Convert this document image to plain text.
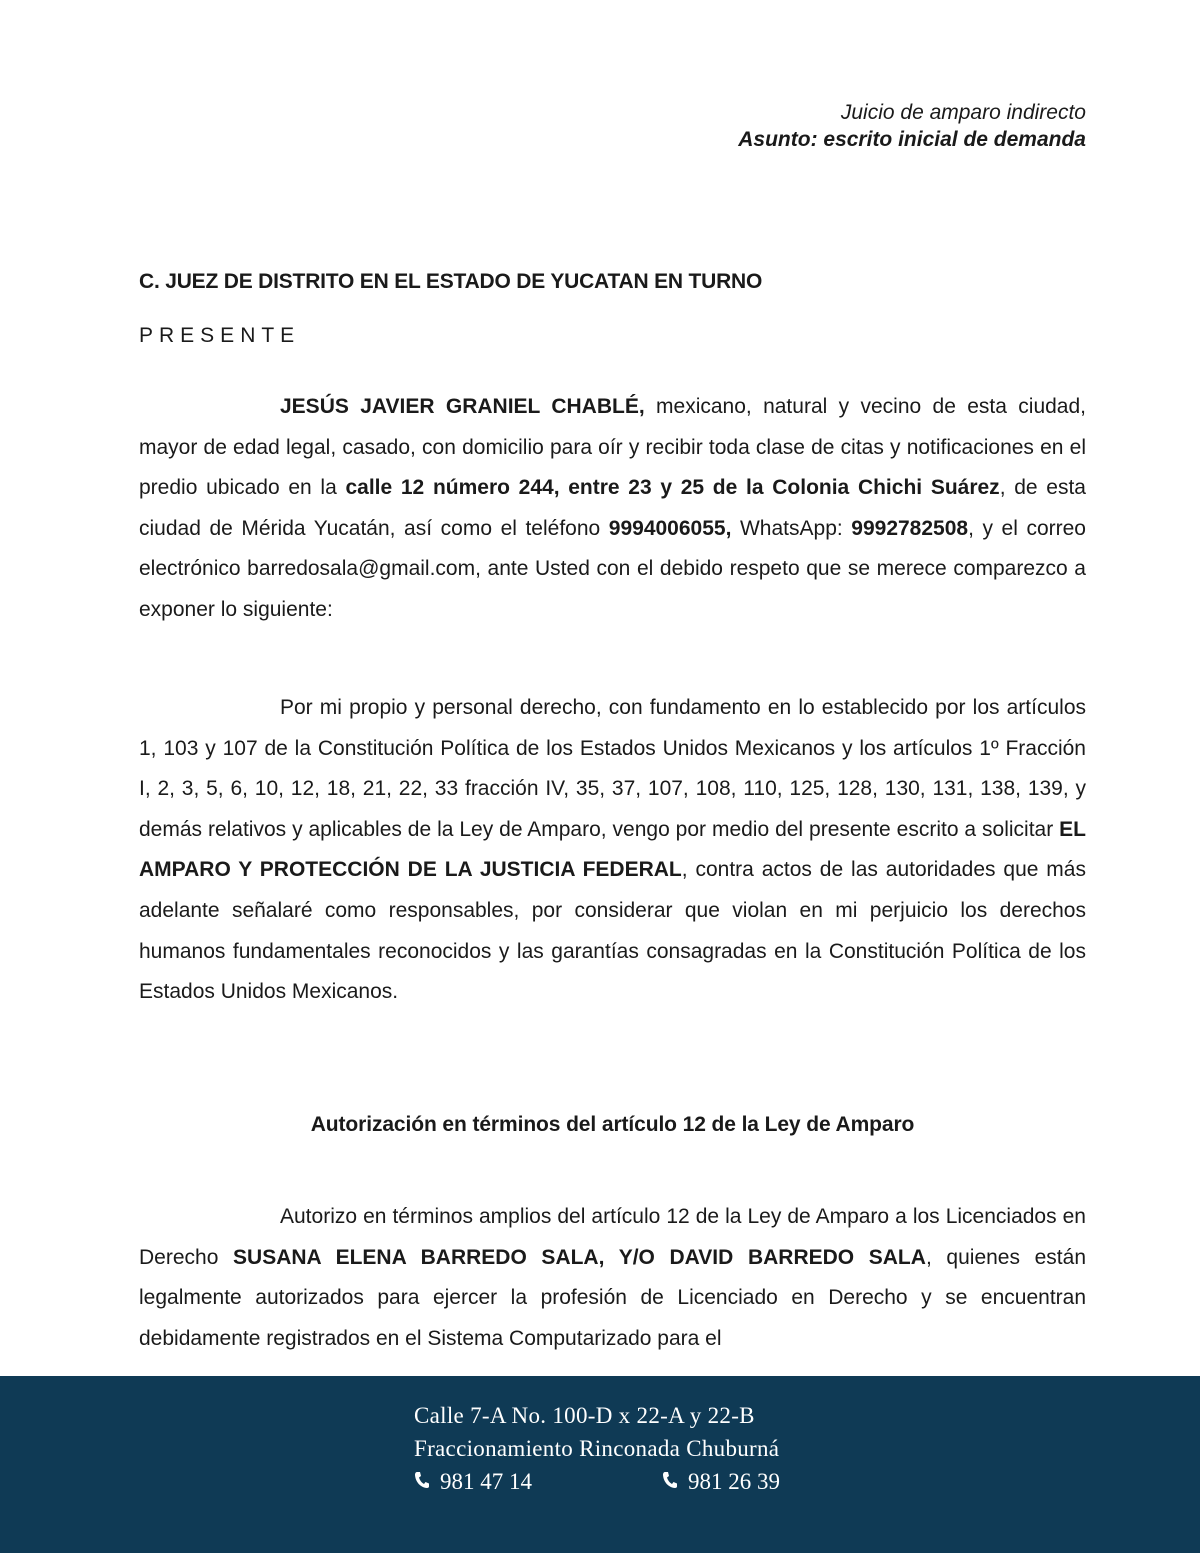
Juicio de amparo indirecto
Asunto: escrito inicial de demanda
C. JUEZ DE DISTRITO EN EL ESTADO DE YUCATAN EN TURNO
PRESENTE
JESÚS JAVIER GRANIEL CHABLÉ, mexicano, natural y vecino de esta ciudad, mayor de edad legal, casado, con domicilio para oír y recibir toda clase de citas y notificaciones en el predio ubicado en la calle 12 número 244, entre 23 y 25 de la Colonia Chichi Suárez, de esta ciudad de Mérida Yucatán, así como el teléfono 9994006055, WhatsApp: 9992782508, y el correo electrónico barredosala@gmail.com, ante Usted con el debido respeto que se merece comparezco a exponer lo siguiente:
Por mi propio y personal derecho, con fundamento en lo establecido por los artículos 1, 103 y 107 de la Constitución Política de los Estados Unidos Mexicanos y los artículos 1º Fracción I, 2, 3, 5, 6, 10, 12, 18, 21, 22, 33 fracción IV, 35, 37, 107, 108, 110, 125, 128, 130, 131, 138, 139, y demás relativos y aplicables de la Ley de Amparo, vengo por medio del presente escrito a solicitar EL AMPARO Y PROTECCIÓN DE LA JUSTICIA FEDERAL, contra actos de las autoridades que más adelante señalaré como responsables, por considerar que violan en mi perjuicio los derechos humanos fundamentales reconocidos y las garantías consagradas en la Constitución Política de los Estados Unidos Mexicanos.
Autorización en términos del artículo 12 de la Ley de Amparo
Autorizo en términos amplios del artículo 12 de la Ley de Amparo a los Licenciados en Derecho SUSANA ELENA BARREDO SALA, Y/O DAVID BARREDO SALA, quienes están legalmente autorizados para ejercer la profesión de Licenciado en Derecho y se encuentran debidamente registrados en el Sistema Computarizado para el
Calle 7-A No. 100-D x 22-A y 22-B
Fraccionamiento Rinconada Chuburná
981 47 14	981 26 39
